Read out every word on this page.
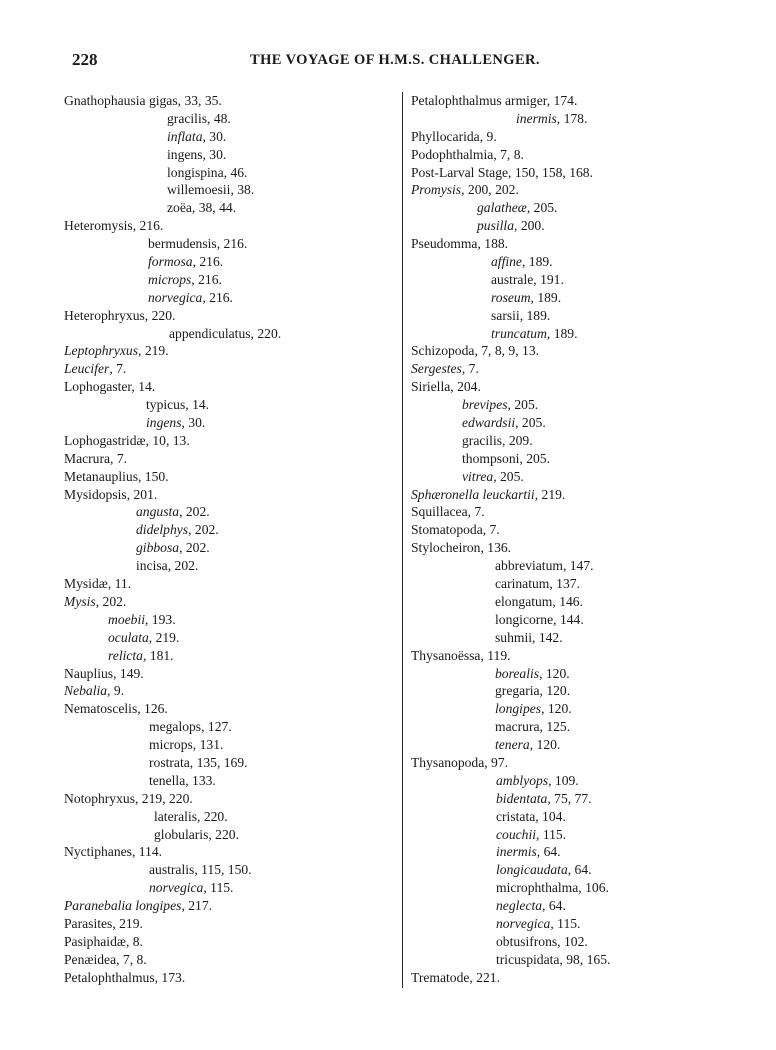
228	THE VOYAGE OF H.M.S. CHALLENGER.
Gnathophausia gigas, 33, 35.
gracilis, 48.
inflata, 30.
ingens, 30.
longispina, 46.
willemoesii, 38.
zoëa, 38, 44.
Heteromysis, 216.
bermudensis, 216.
formosa, 216.
microps, 216.
norvegica, 216.
Heterophryxus, 220.
appendiculatus, 220.
Leptophryxus, 219.
Leucifer, 7.
Lophogaster, 14.
typicus, 14.
ingens, 30.
Lophogastridæ, 10, 13.
Macrura, 7.
Metanauplius, 150.
Mysidopsis, 201.
angusta, 202.
didelphys, 202.
gibbosa, 202.
incisa, 202.
Mysidæ, 11.
Mysis, 202.
moebii, 193.
oculata, 219.
relicta, 181.
Nauplius, 149.
Nebalia, 9.
Nematoscelis, 126.
megalops, 127.
microps, 131.
rostrata, 135, 169.
tenella, 133.
Notophryxus, 219, 220.
lateralis, 220.
globularis, 220.
Nyctiphanes, 114.
australis, 115, 150.
norvegica, 115.
Paranebalia longipes, 217.
Parasites, 219.
Pasiphaidæ, 8.
Penæidea, 7, 8.
Petalophthalmus, 173.
Petalophthalmus armiger, 174.
inermis, 178.
Phyllocarida, 9.
Podophthalmia, 7, 8.
Post-Larval Stage, 150, 158, 168.
Promysis, 200, 202.
galatheæ, 205.
pusilla, 200.
Pseudomma, 188.
affine, 189.
australe, 191.
roseum, 189.
sarsii, 189.
truncatum, 189.
Schizopoda, 7, 8, 9, 13.
Sergestes, 7.
Siriella, 204.
brevipes, 205.
edwardsii, 205.
gracilis, 209.
thompsoni, 205.
vitrea, 205.
Sphæronella leuckartii, 219.
Squillacea, 7.
Stomatopoda, 7.
Stylocheiron, 136.
abbreviatum, 147.
carinatum, 137.
elongatum, 146.
longicorne, 144.
suhmii, 142.
Thysanoëssa, 119.
borealis, 120.
gregaria, 120.
longipes, 120.
macrura, 125.
tenera, 120.
Thysanopoda, 97.
amblyops, 109.
bidentata, 75, 77.
cristata, 104.
couchii, 115.
inermis, 64.
longicaudata, 64.
microphthalma, 106.
neglecta, 64.
norvegica, 115.
obtusifrons, 102.
tricuspidata, 98, 165.
Trematode, 221.
